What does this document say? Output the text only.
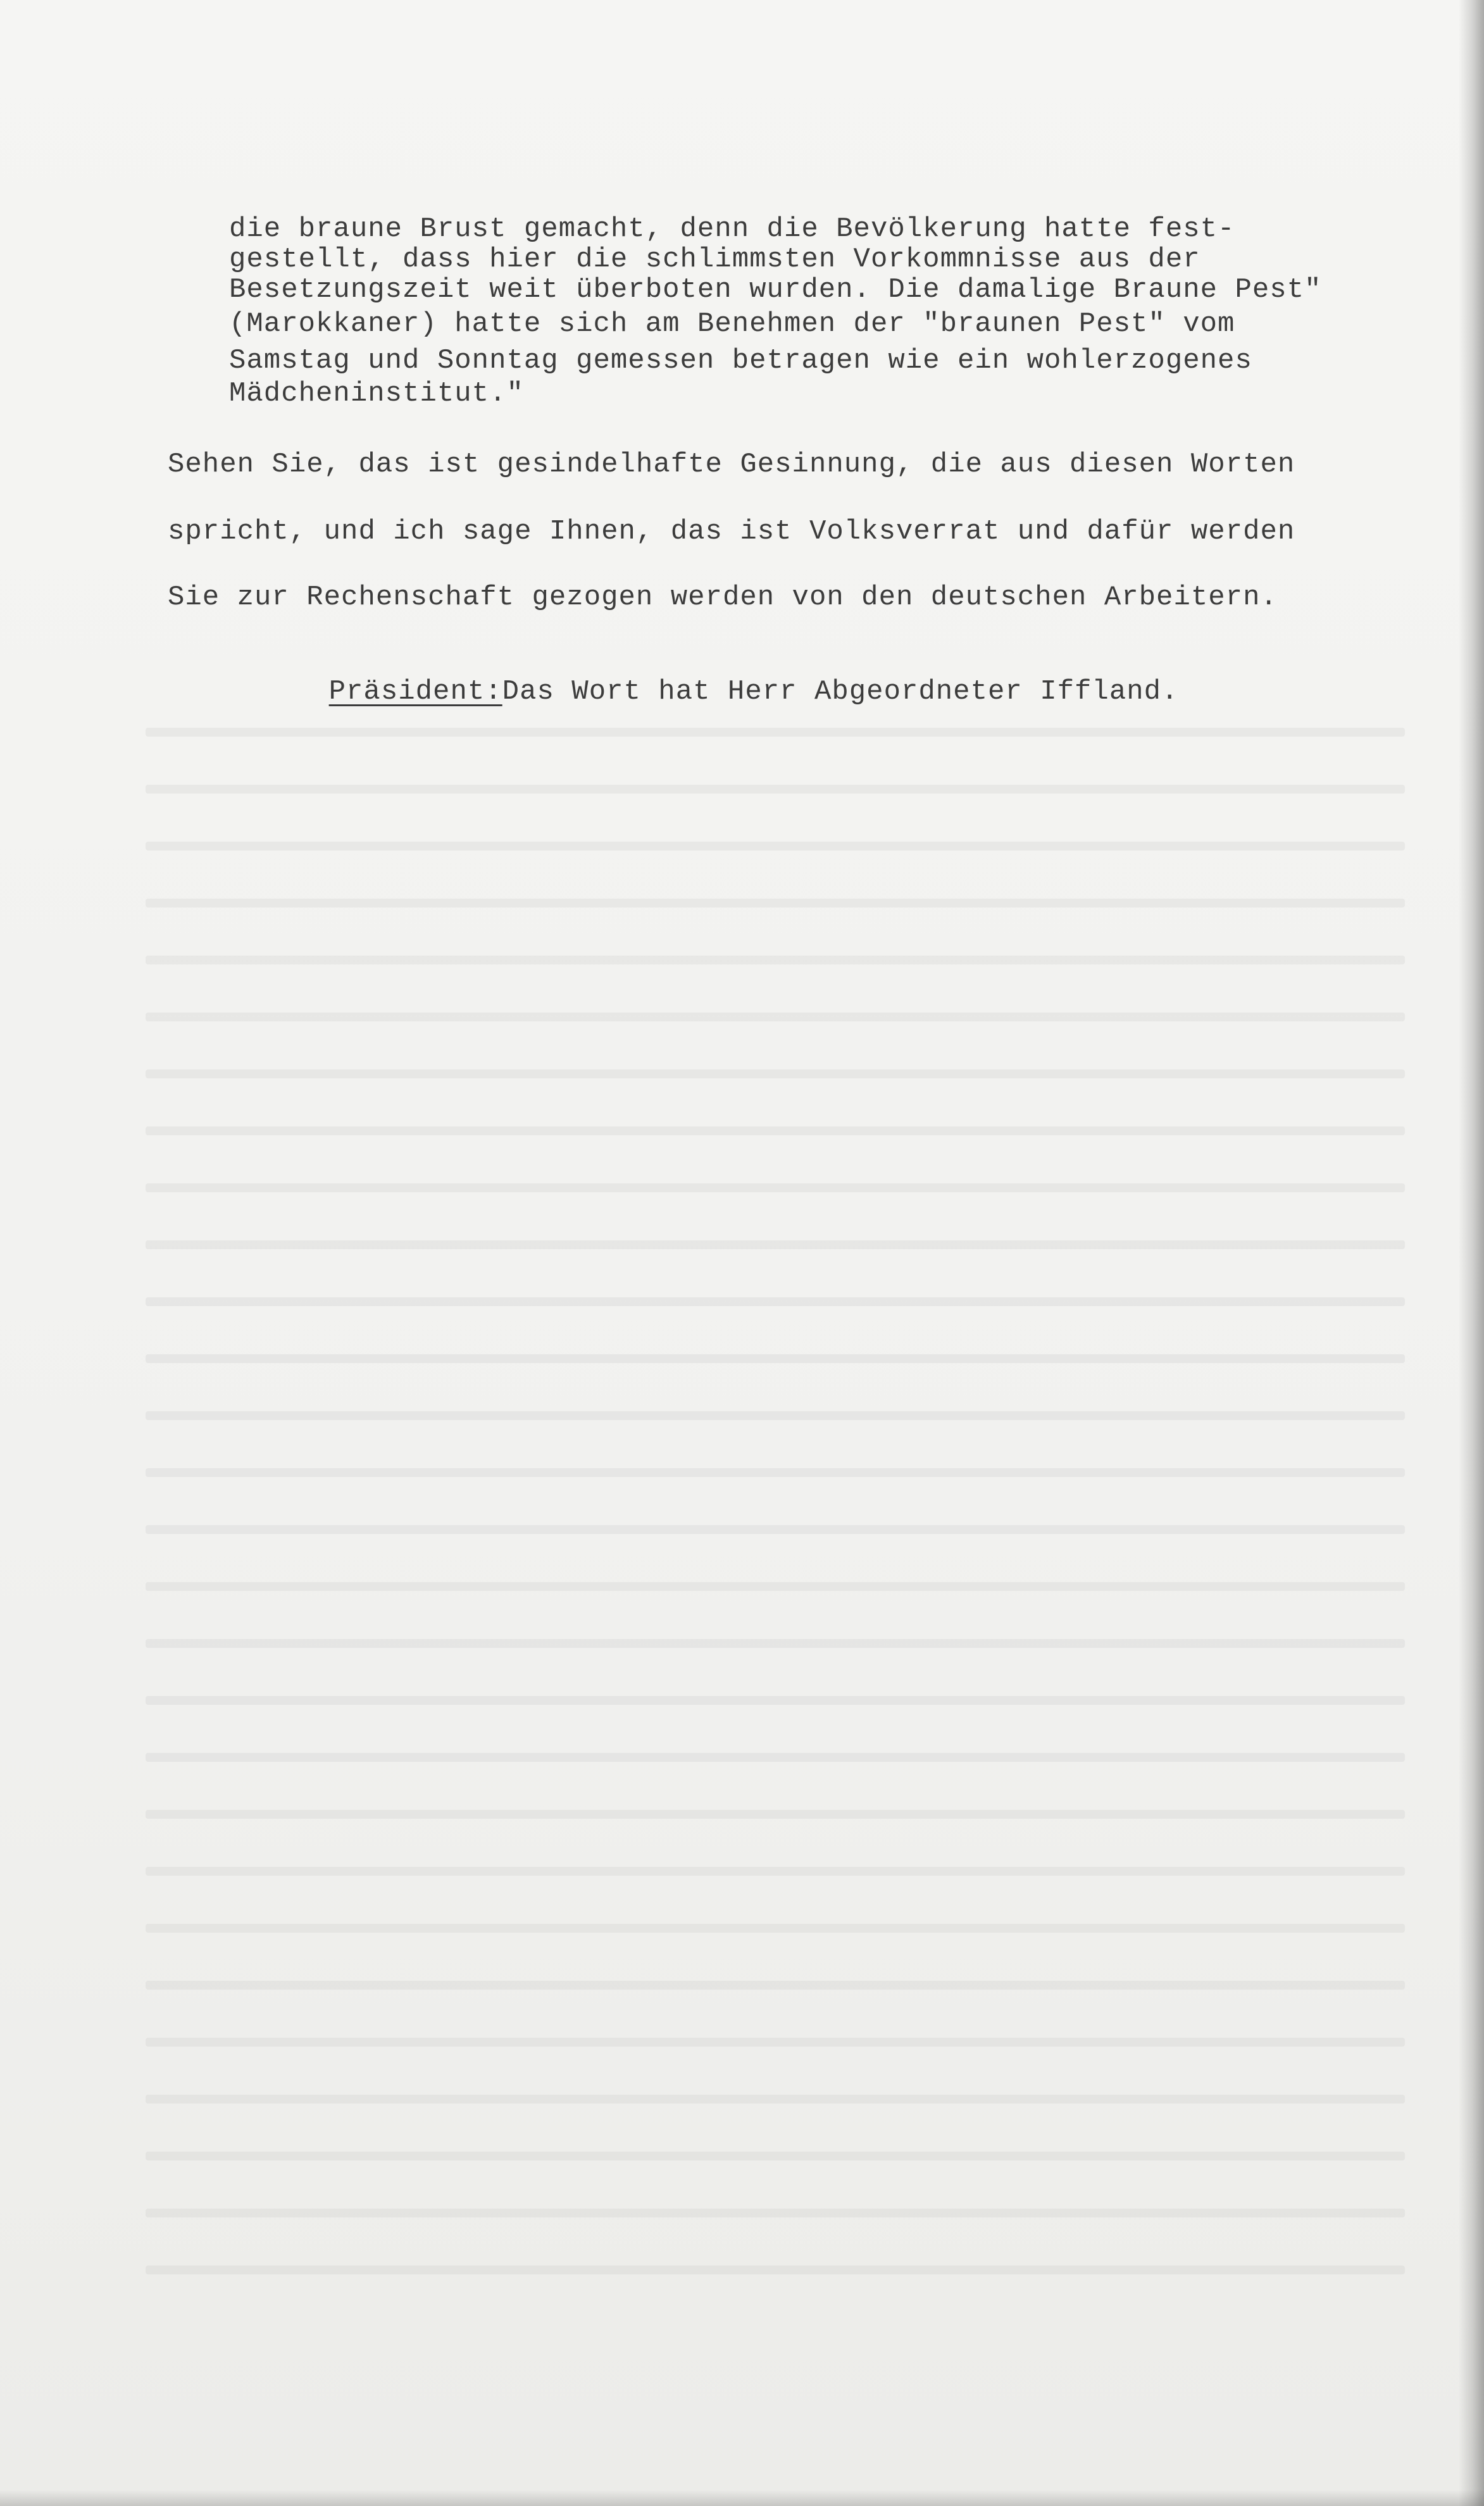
die braune Brust gemacht, denn die Bevölkerung hatte fest-
gestellt, dass hier die schlimmsten Vorkommnisse aus der
Besetzungszeit weit überboten wurden. Die damalige Braune Pest"
(Marokkaner) hatte sich am Benehmen der "braunen Pest" vom
Samstag und Sonntag gemessen betragen wie ein wohlerzogenes
Mädcheninstitut."
Sehen Sie, das ist gesindelhafte Gesinnung, die aus diesen Worten
spricht, und ich sage Ihnen, das ist Volksverrat und dafür werden
Sie zur Rechenschaft gezogen werden von den deutschen Arbeitern.

Präsident:Das Wort hat Herr Abgeordneter Iffland.
